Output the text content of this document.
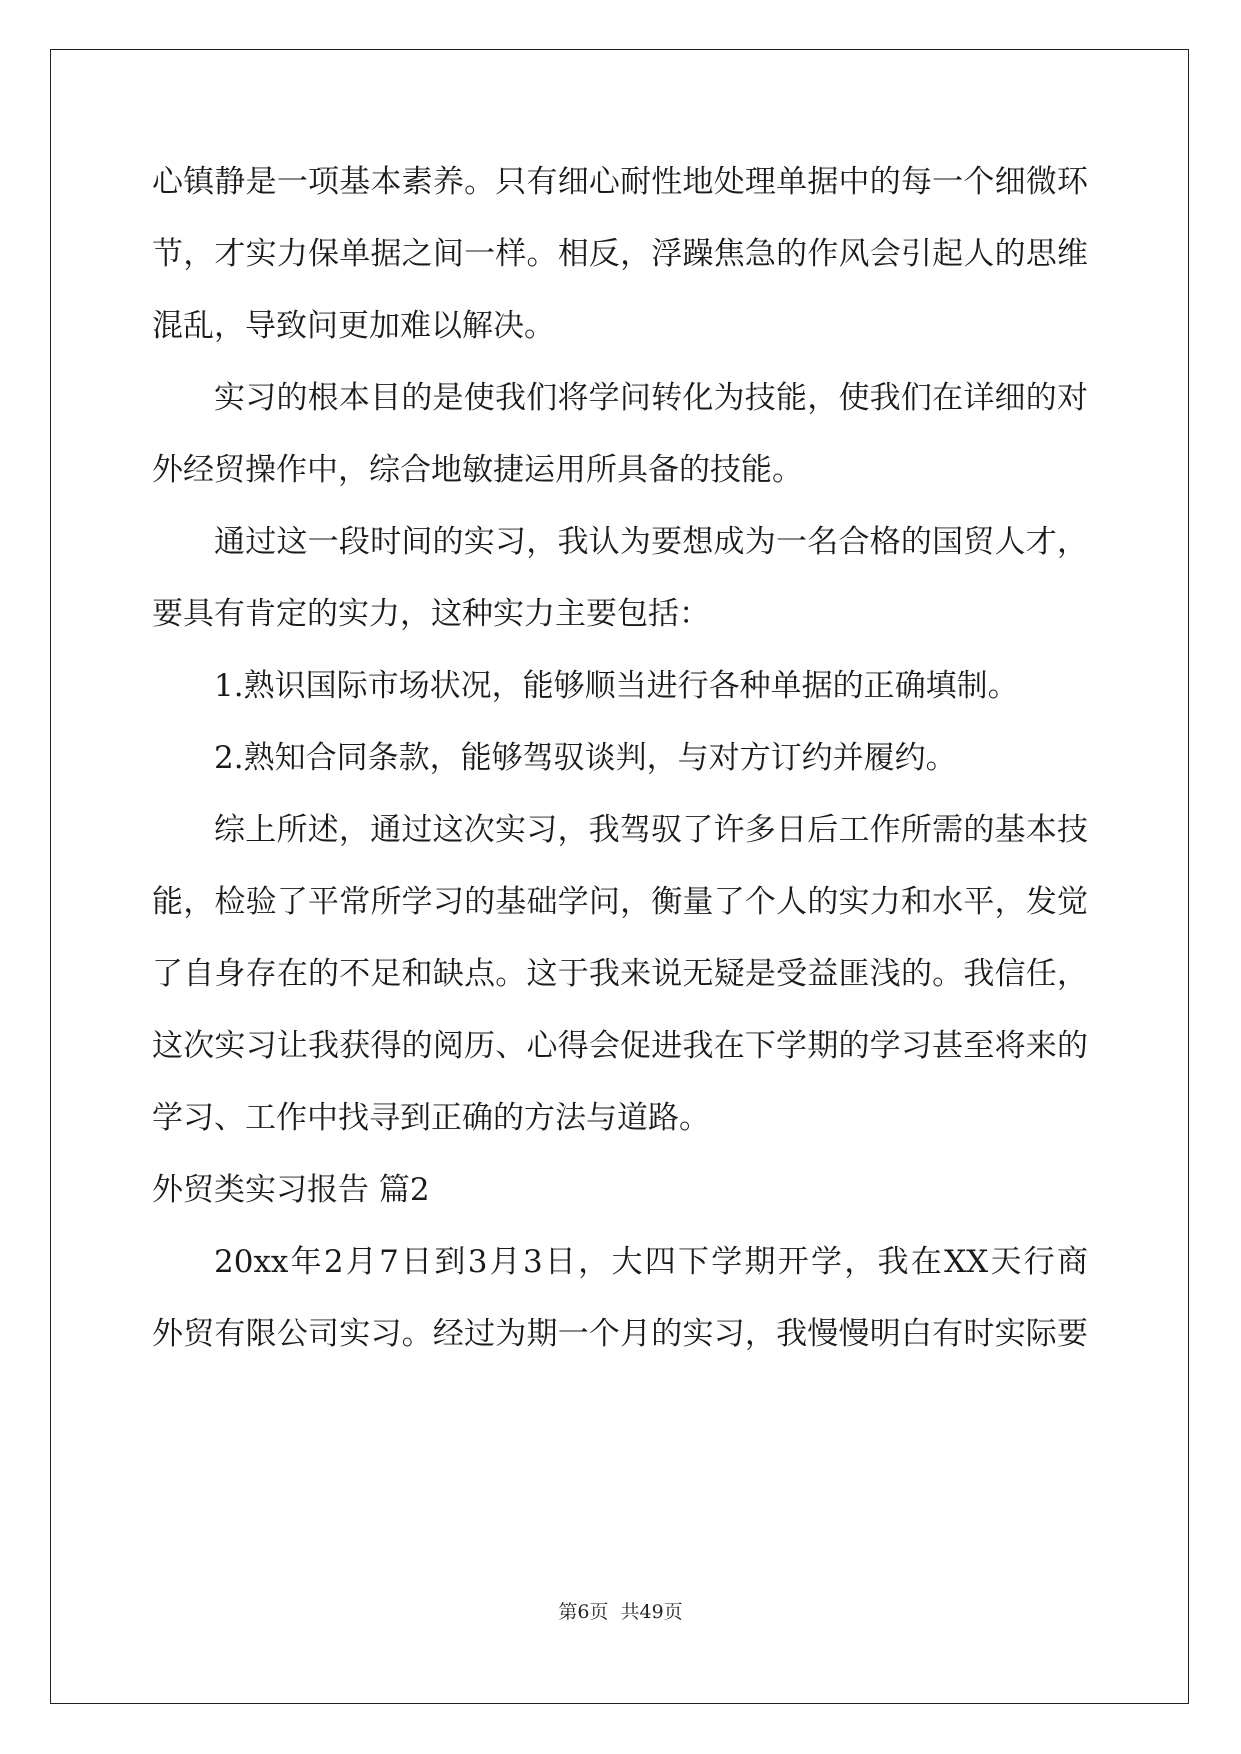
心镇静是一项基本素养。只有细心耐性地处理单据中的每一个细微环
节，才实力保单据之间一样。相反，浮躁焦急的作风会引起人的思维
混乱，导致问更加难以解决。
实习的根本目的是使我们将学问转化为技能，使我们在详细的对
外经贸操作中，综合地敏捷运用所具备的技能。
通过这一段时间的实习，我认为要想成为一名合格的国贸人才，
要具有肯定的实力，这种实力主要包括：
1.熟识国际市场状况，能够顺当进行各种单据的正确填制。
2.熟知合同条款，能够驾驭谈判，与对方订约并履约。
综上所述，通过这次实习，我驾驭了许多日后工作所需的基本技
能，检验了平常所学习的基础学问，衡量了个人的实力和水平，发觉
了自身存在的不足和缺点。这于我来说无疑是受益匪浅的。我信任，
这次实习让我获得的阅历、心得会促进我在下学期的学习甚至将来的
学习、工作中找寻到正确的方法与道路。
外贸类实习报告 篇2
20xx年2月7日到3月3日，大四下学期开学，我在XX天行商
外贸有限公司实习。经过为期一个月的实习，我慢慢明白有时实际要
第6页  共49页
